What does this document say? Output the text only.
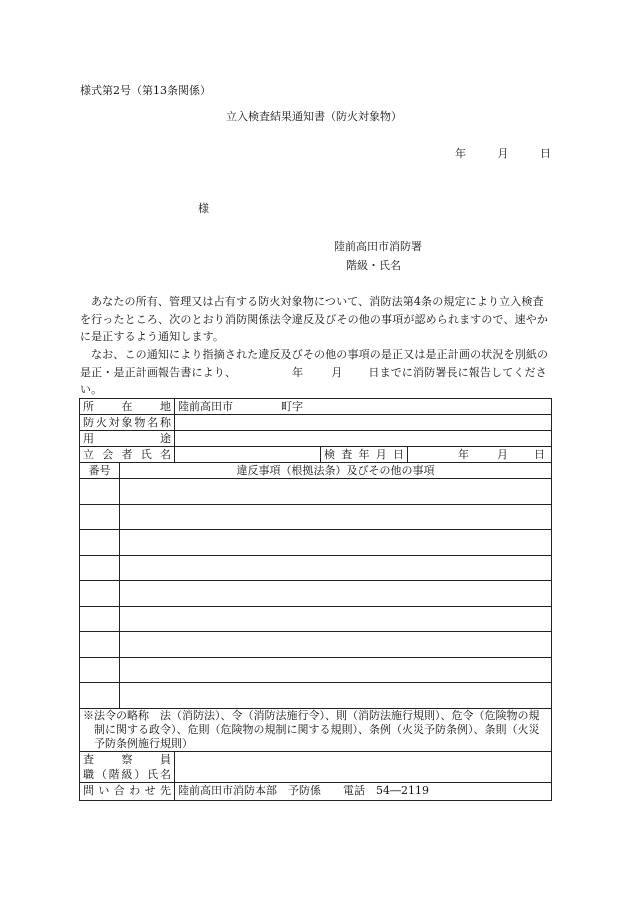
様式第2号（第13条関係）
立入検査結果通知書（防火対象物）
年	月	日
様
陸前高田市消防署
階級・氏名
あなたの所有、管理又は占有する防火対象物について、消防法第4条の規定により立入検査を行ったところ、次のとおり消防関係法令違反及びその他の事項が認められますので、速やかに是正するよう通知します。
なお、この通知により指摘された違反及びその他の事項の是正又は是正計画の状況を別紙の是正・是正計画報告書により、	年	月 日までに消防署長に報告してください。
所　在　地		陸前高田市 町字		
防火対象物名称				
用　　途				
立会者氏名			検査年月日	年 月 日
番号	違反事項（根拠法条）及びその他の事項			

※法令の略称　法（消防法）、令（消防法施行令）、則（消防法施行規則）、危令（危険物の規制に関する政令）、危則（危険物の規制に関する規則）、条例（火災予防条例）、条則（火災予防条例施行規則）				

査　察　員
職（階級）氏名				

問い合わせ先		陸前高田市消防本部　予防係　　電話　54―2119		
